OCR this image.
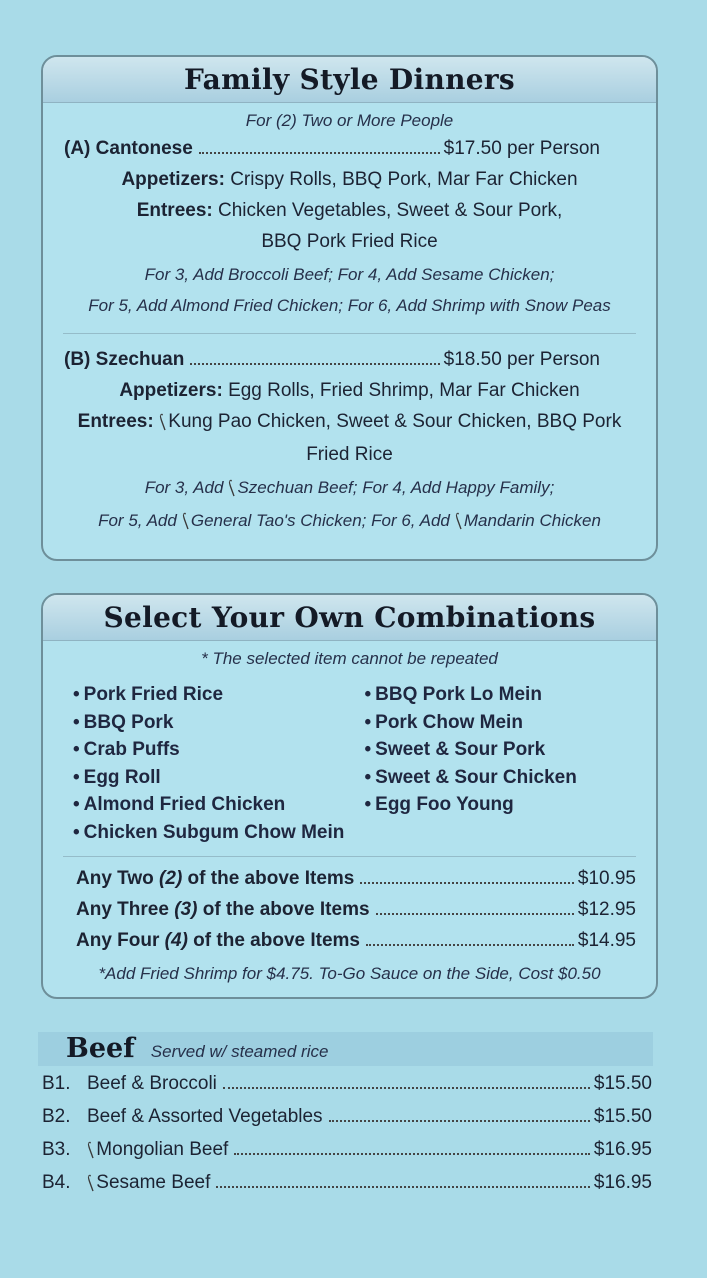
Family Style Dinners
For (2) Two or More People
(A) Cantonese	$17.50 per Person
Appetizers: Crispy Rolls, BBQ Pork, Mar Far Chicken
Entrees: Chicken Vegetables, Sweet & Sour Pork,
BBQ Pork Fried Rice
For 3, Add Broccoli Beef; For 4, Add Sesame Chicken;
For 5, Add Almond Fried Chicken; For 6, Add Shrimp with Snow Peas
(B) Szechuan	$18.50 per Person
Appetizers: Egg Rolls, Fried Shrimp, Mar Far Chicken
Entrees: ⌠Kung Pao Chicken, Sweet & Sour Chicken, BBQ Pork
Fried Rice
For 3, Add ⌠Szechuan Beef; For 4, Add Happy Family;
For 5, Add ⌠General Tao's Chicken; For 6, Add ⌠Mandarin Chicken
Select Your Own Combinations
* The selected item cannot be repeated
• Pork Fried Rice
• BBQ Pork
• Crab Puffs
• Egg Roll
• Almond Fried Chicken
• Chicken Subgum Chow Mein
• BBQ Pork Lo Mein
• Pork Chow Mein
• Sweet & Sour Pork
• Sweet & Sour Chicken
• Egg Foo Young
Any Two (2) of the above Items	$10.95
Any Three (3) of the above Items	$12.95
Any Four (4) of the above Items	$14.95
*Add Fried Shrimp for $4.75. To-Go Sauce on the Side, Cost $0.50
Beef Served w/ steamed rice
B1. Beef & Broccoli	$15.50
B2. Beef & Assorted Vegetables	$15.50
B3. ⌠Mongolian Beef	$16.95
B4. ⌠Sesame Beef	$16.95
